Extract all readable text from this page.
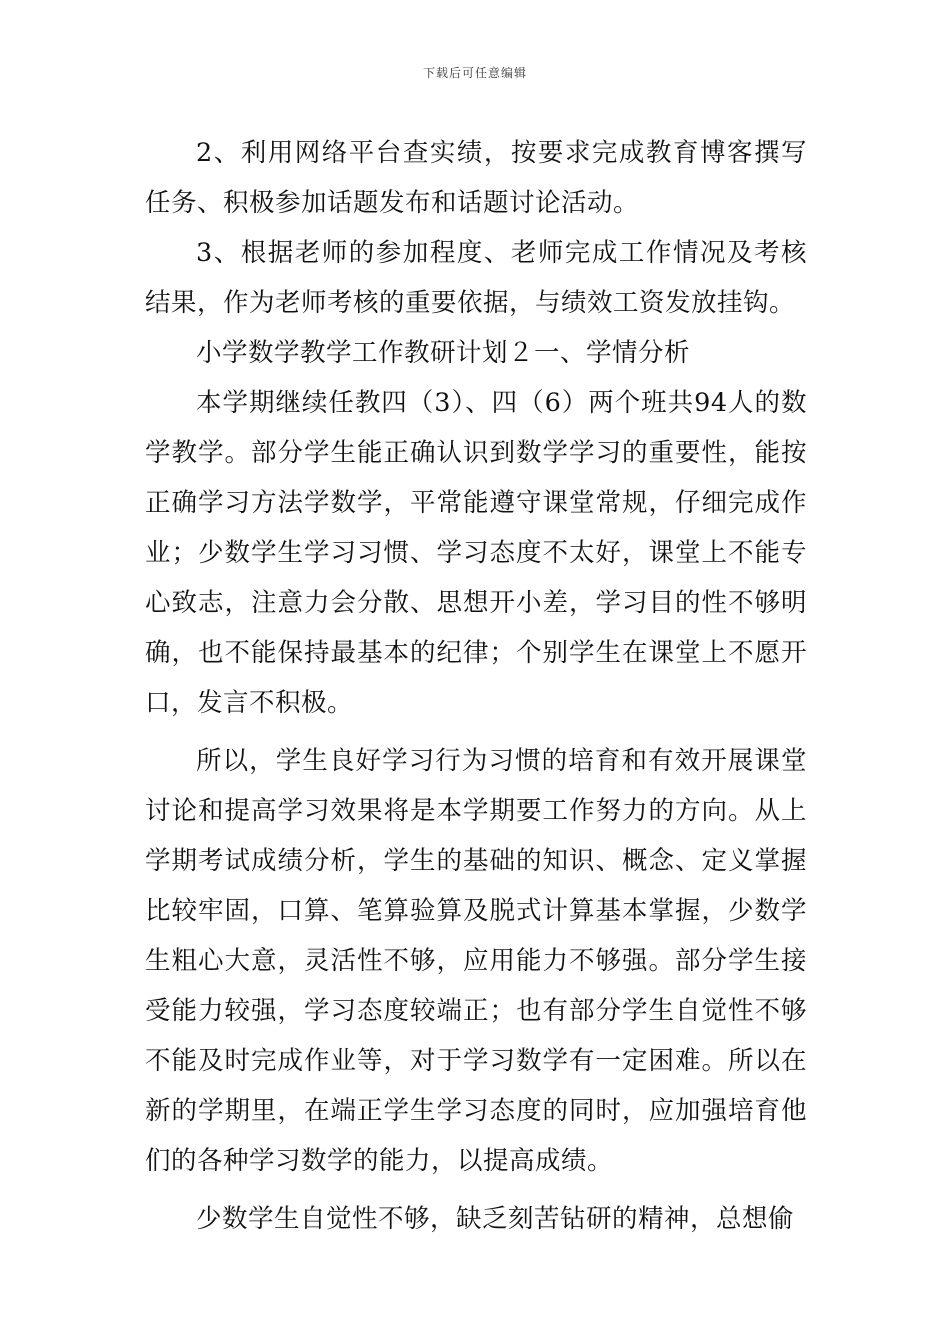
下载后可任意编辑

2、利用网络平台查实绩，按要求完成教育博客撰写任务、积极参加话题发布和话题讨论活动。

3、根据老师的参加程度、老师完成工作情况及考核结果，作为老师考核的重要依据，与绩效工资发放挂钩。

小学数学教学工作教研计划２一、学情分析

本学期继续任教四（3）、四（6）两个班共94人的数学教学。部分学生能正确认识到数学学习的重要性，能按正确学习方法学数学，平常能遵守课堂常规，仔细完成作业；少数学生学习习惯、学习态度不太好，课堂上不能专心致志，注意力会分散、思想开小差，学习目的性不够明确，也不能保持最基本的纪律；个别学生在课堂上不愿开口，发言不积极。

所以，学生良好学习行为习惯的培育和有效开展课堂讨论和提高学习效果将是本学期要工作努力的方向。从上学期考试成绩分析，学生的基础的知识、概念、定义掌握比较牢固，口算、笔算验算及脱式计算基本掌握，少数学生粗心大意，灵活性不够，应用能力不够强。部分学生接受能力较强，学习态度较端正；也有部分学生自觉性不够不能及时完成作业等，对于学习数学有一定困难。所以在新的学期里，在端正学生学习态度的同时，应加强培育他们的各种学习数学的能力，以提高成绩。

少数学生自觉性不够，缺乏刻苦钻研的精神，总想偷
